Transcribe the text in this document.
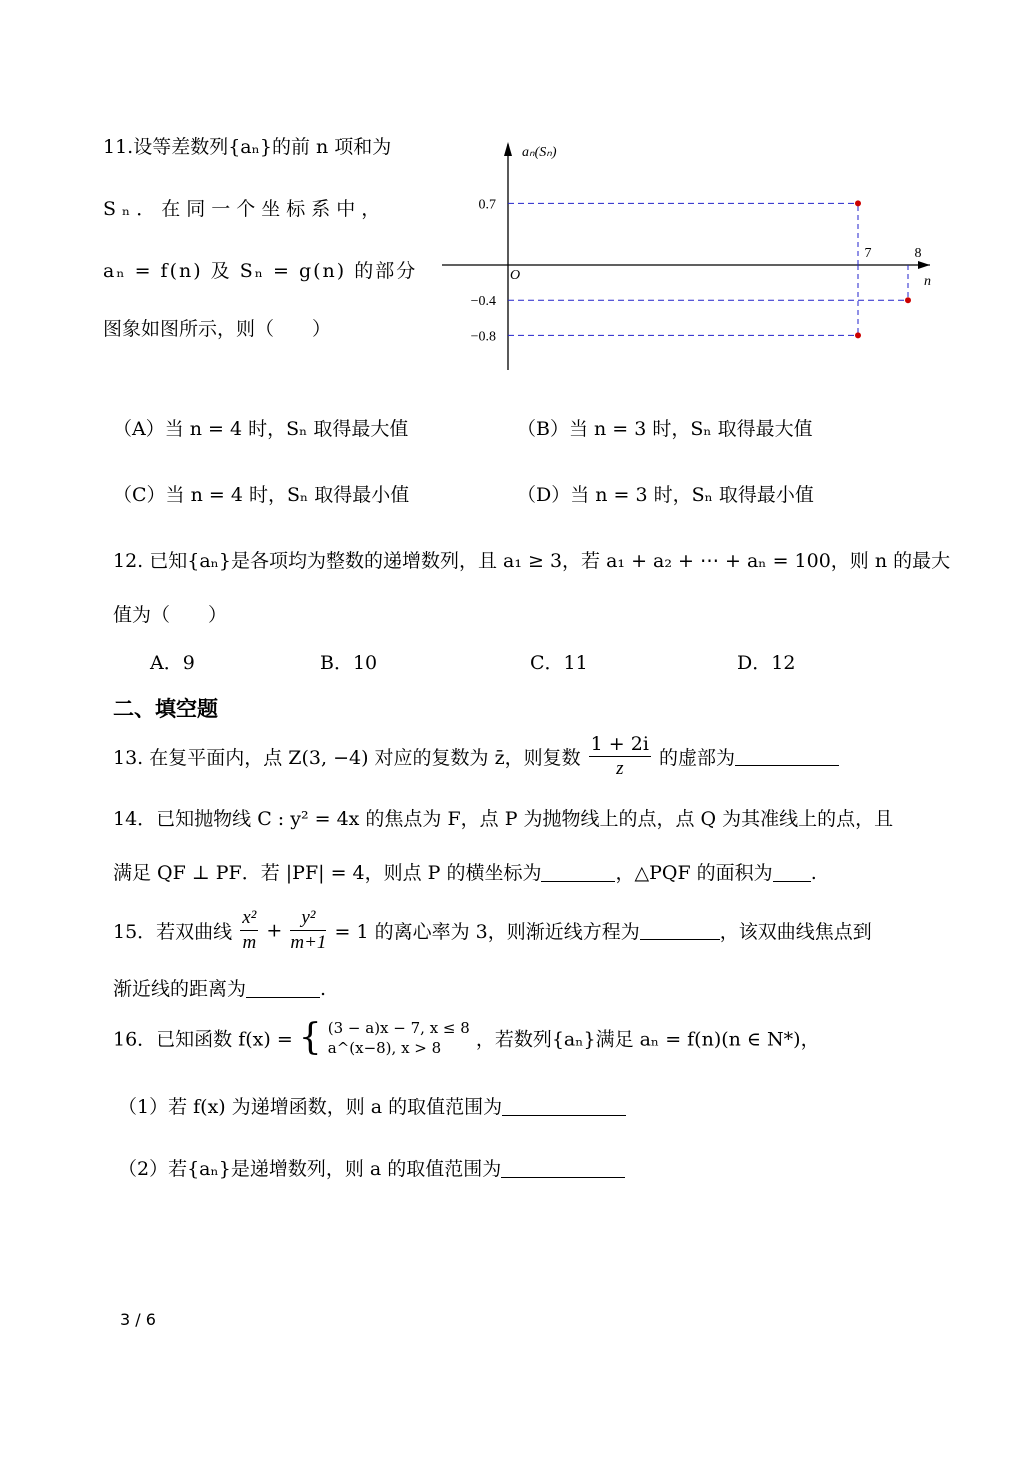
11.设等差数列{aₙ}的前 n 项和为
Sₙ．在同一个坐标系中，
aₙ = f(n) 及 Sₙ = g(n) 的部分
图象如图所示，则（　　）
aₙ(Sₙ)
n
O
0.7
−0.4
−0.8
7	8
（A）当 n = 4 时，Sₙ 取得最大值	（B）当 n = 3 时，Sₙ 取得最大值
（C）当 n = 4 时，Sₙ 取得最小值	（D）当 n = 3 时，Sₙ 取得最小值
12. 已知{aₙ}是各项均为整数的递增数列，且 a₁ ≥ 3，若 a₁ + a₂ + ⋯ + aₙ = 100，则 n 的最大
值为（　　）
A．9	B．10	C．11	D．12
二、填空题
13. 在复平面内，点 Z(3, −4) 对应的复数为 z̄，则复数 $\frac{1 + 2i}{z}$ 的虚部为
14．已知抛物线 C : y² = 4x 的焦点为 F，点 P 为抛物线上的点，点 Q 为其准线上的点，且
满足 QF ⊥ PF．若 |PF| = 4，则点 P 的横坐标为	，△PQF 的面积为 .
15．若双曲线 $\frac{\text{x²}}{m} + \frac{\text{y²}}{m+1} = 1$ 的离心率为 3，则渐近线方程为	，该双曲线焦点到
渐近线的距离为	.
16．已知函数 f(x) = { (3 − a)x − 7, x ≤ 8
a^(x−8), x > 8	，若数列{aₙ}满足 aₙ = f(n)(n ∈ N*)，
（1）若 f(x) 为递增函数，则 a 的取值范围为
（2）若{aₙ}是递增数列，则 a 的取值范围为
3 / 6
